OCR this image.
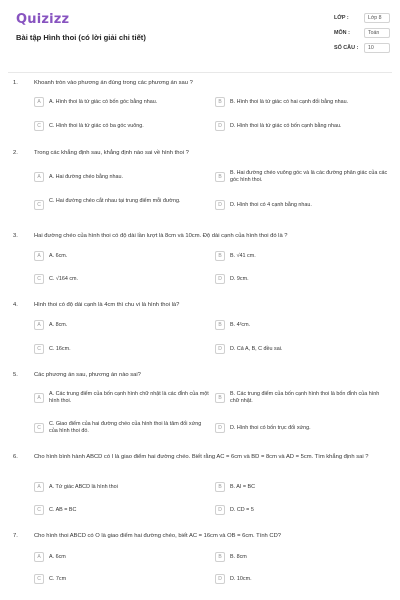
Quizizz
Bài tập Hình thoi (có lời giải chi tiết)
LỚP :	Lớp 8
MÔN :	Toán
SỐ CÂU :	10
1.	Khoanh tròn vào phương án đúng trong các phương án sau ?
A	A. Hình thoi là tứ giác có bốn góc bằng nhau.	B	B. Hình thoi là tứ giác có hai cạnh đối bằng nhau.
C	C. Hình thoi là tứ giác có ba góc vuông.	D	D. Hình thoi là tứ giác có bốn cạnh bằng nhau.
2.	Trong các khẳng định sau, khẳng định nào sai về hình thoi ?
A	A. Hai đường chéo bằng nhau.	B
B. Hai đường chéo vuông góc và là các đường phân giác của các góc hình thoi.
C
C. Hai đường chéo cắt nhau tại trung điểm mỗi đường.
D	D. Hình thoi có 4 cạnh bằng nhau.
3.	Hai đường chéo của hình thoi có độ dài lần lượt là 8cm và 10cm. Độ dài cạnh của hình thoi đó là ?
A	A. 6cm.	B	B. √41 cm.
C	C. √164 cm.	D	D. 9cm.
4.	Hình thoi có độ dài cạnh là 4cm thì chu vi là hình thoi là?
A	A. 8cm.	B	B. 4²cm.
C	C. 16cm.	D	D. Cả A, B, C đều sai.
5.	Các phương án sau, phương án nào sai?
A
A. Các trung điểm của bốn cạnh hình chữ nhật là các đỉnh của một hình thoi.	B
B. Các trung điểm của bốn cạnh hình thoi là bốn đỉnh của hình chữ nhật.
C
C. Giao điểm của hai đường chéo của hình thoi là tâm đối xứng của hình thoi đó.	D	D. Hình thoi có bốn trục đối xứng.
6.	Cho hình bình hành ABCD có I là giao điểm hai đường chéo. Biết rằng AC = 6cm và BD = 8cm và AD = 5cm. Tìm khẳng định sai ?
A	A. Tứ giác ABCD là hình thoi	B	B. AI = BC
C	C. AB = BC	D	D. CD = 5
7.	Cho hình thoi ABCD có O là giao điểm hai đường chéo, biết AC = 16cm và OB = 6cm. Tính CD?
A	A. 6cm	B	B. 8cm
C	C. 7cm	D	D. 10cm.
